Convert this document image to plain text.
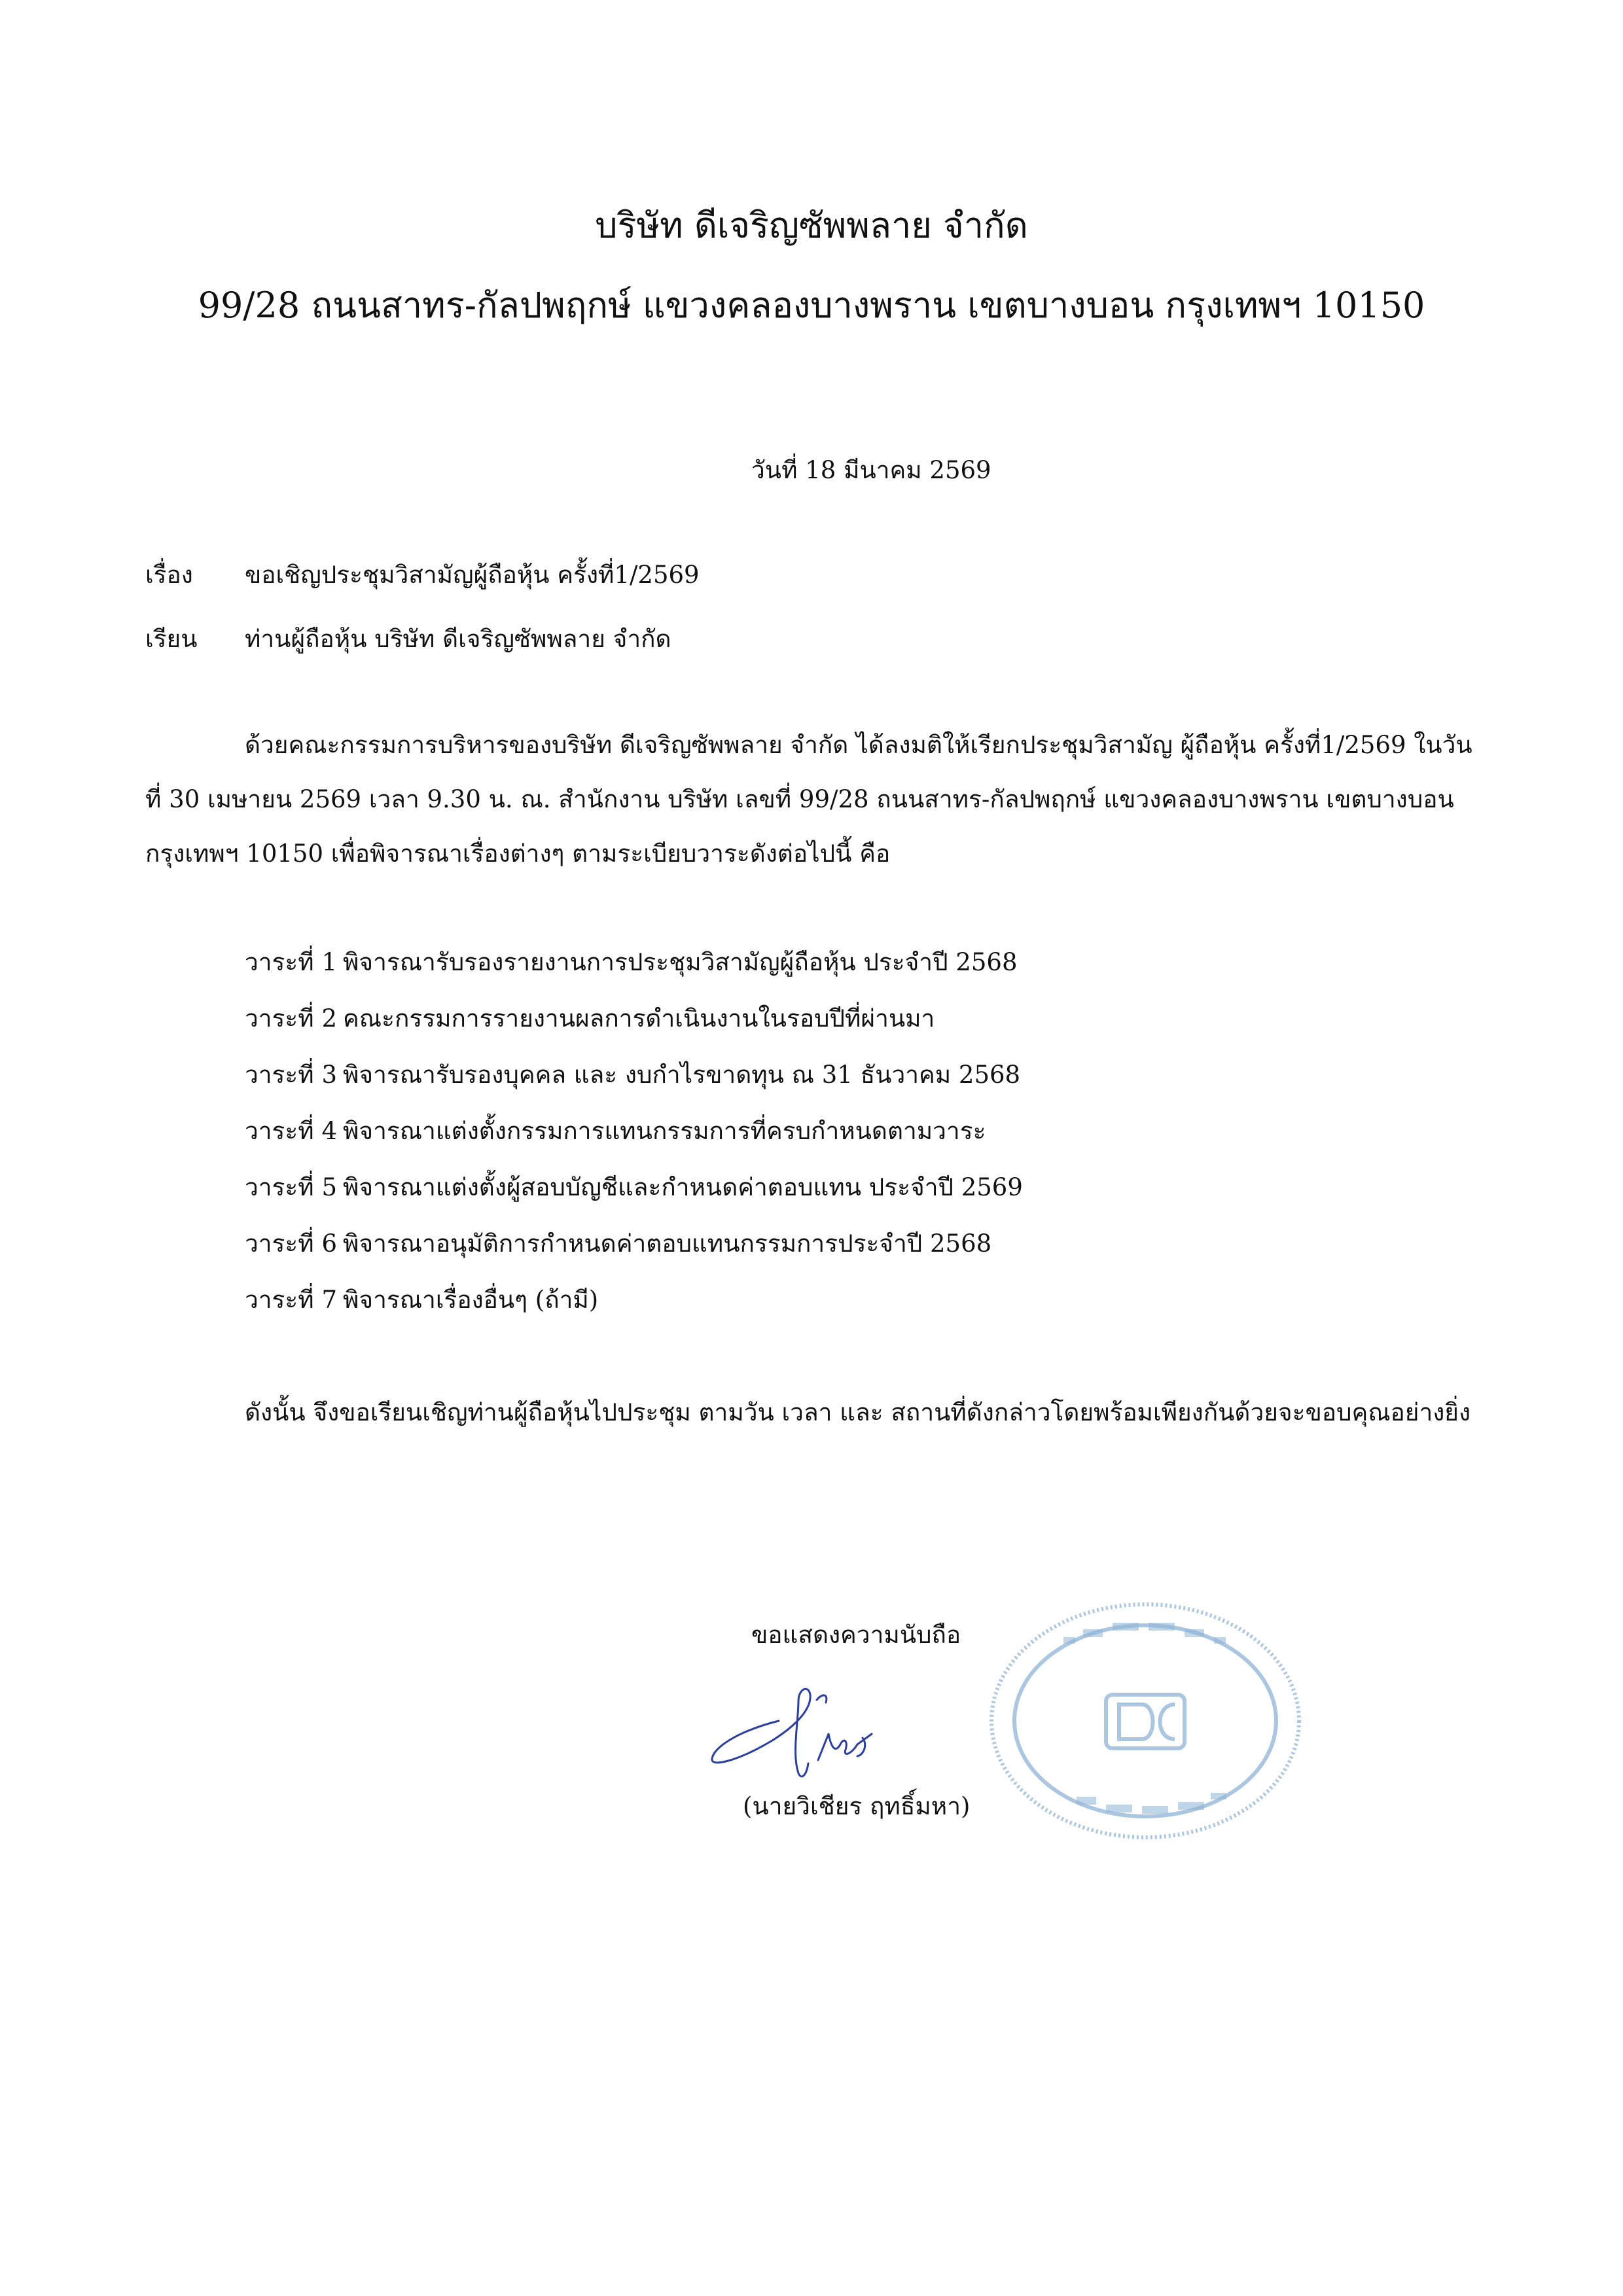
บริษัท ดีเจริญซัพพลาย จำกัด
99/28 ถนนสาทร-กัลปพฤกษ์ แขวงคลองบางพราน เขตบางบอน กรุงเทพฯ 10150
วันที่ 18 มีนาคม 2569
เรื่อง ขอเชิญประชุมวิสามัญผู้ถือหุ้น ครั้งที่1/2569
เรียน ท่านผู้ถือหุ้น บริษัท ดีเจริญซัพพลาย จำกัด
ด้วยคณะกรรมการบริหารของบริษัท ดีเจริญซัพพลาย จำกัด ได้ลงมติให้เรียกประชุมวิสามัญ ผู้ถือหุ้น ครั้งที่1/2569 ในวัน
ที่ 30 เมษายน 2569 เวลา 9.30 น. ณ. สำนักงาน บริษัท เลขที่ 99/28 ถนนสาทร-กัลปพฤกษ์ แขวงคลองบางพราน เขตบางบอน
กรุงเทพฯ 10150 เพื่อพิจารณาเรื่องต่างๆ ตามระเบียบวาระดังต่อไปนี้ คือ
วาระที่ 1 พิจารณารับรองรายงานการประชุมวิสามัญผู้ถือหุ้น ประจำปี 2568
วาระที่ 2 คณะกรรมการรายงานผลการดำเนินงานในรอบปีที่ผ่านมา
วาระที่ 3 พิจารณารับรองบุคคล และ งบกำไรขาดทุน ณ 31 ธันวาคม 2568
วาระที่ 4 พิจารณาแต่งตั้งกรรมการแทนกรรมการที่ครบกำหนดตามวาระ
วาระที่ 5 พิจารณาแต่งตั้งผู้สอบบัญชีและกำหนดค่าตอบแทน ประจำปี 2569
วาระที่ 6 พิจารณาอนุมัติการกำหนดค่าตอบแทนกรรมการประจำปี 2568
วาระที่ 7 พิจารณาเรื่องอื่นๆ (ถ้ามี)
ดังนั้น จึงขอเรียนเชิญท่านผู้ถือหุ้นไปประชุม ตามวัน เวลา และ สถานที่ดังกล่าวโดยพร้อมเพียงกันด้วยจะขอบคุณอย่างยิ่ง
ขอแสดงความนับถือ
(นายวิเชียร ฤทธิ์มหา)
